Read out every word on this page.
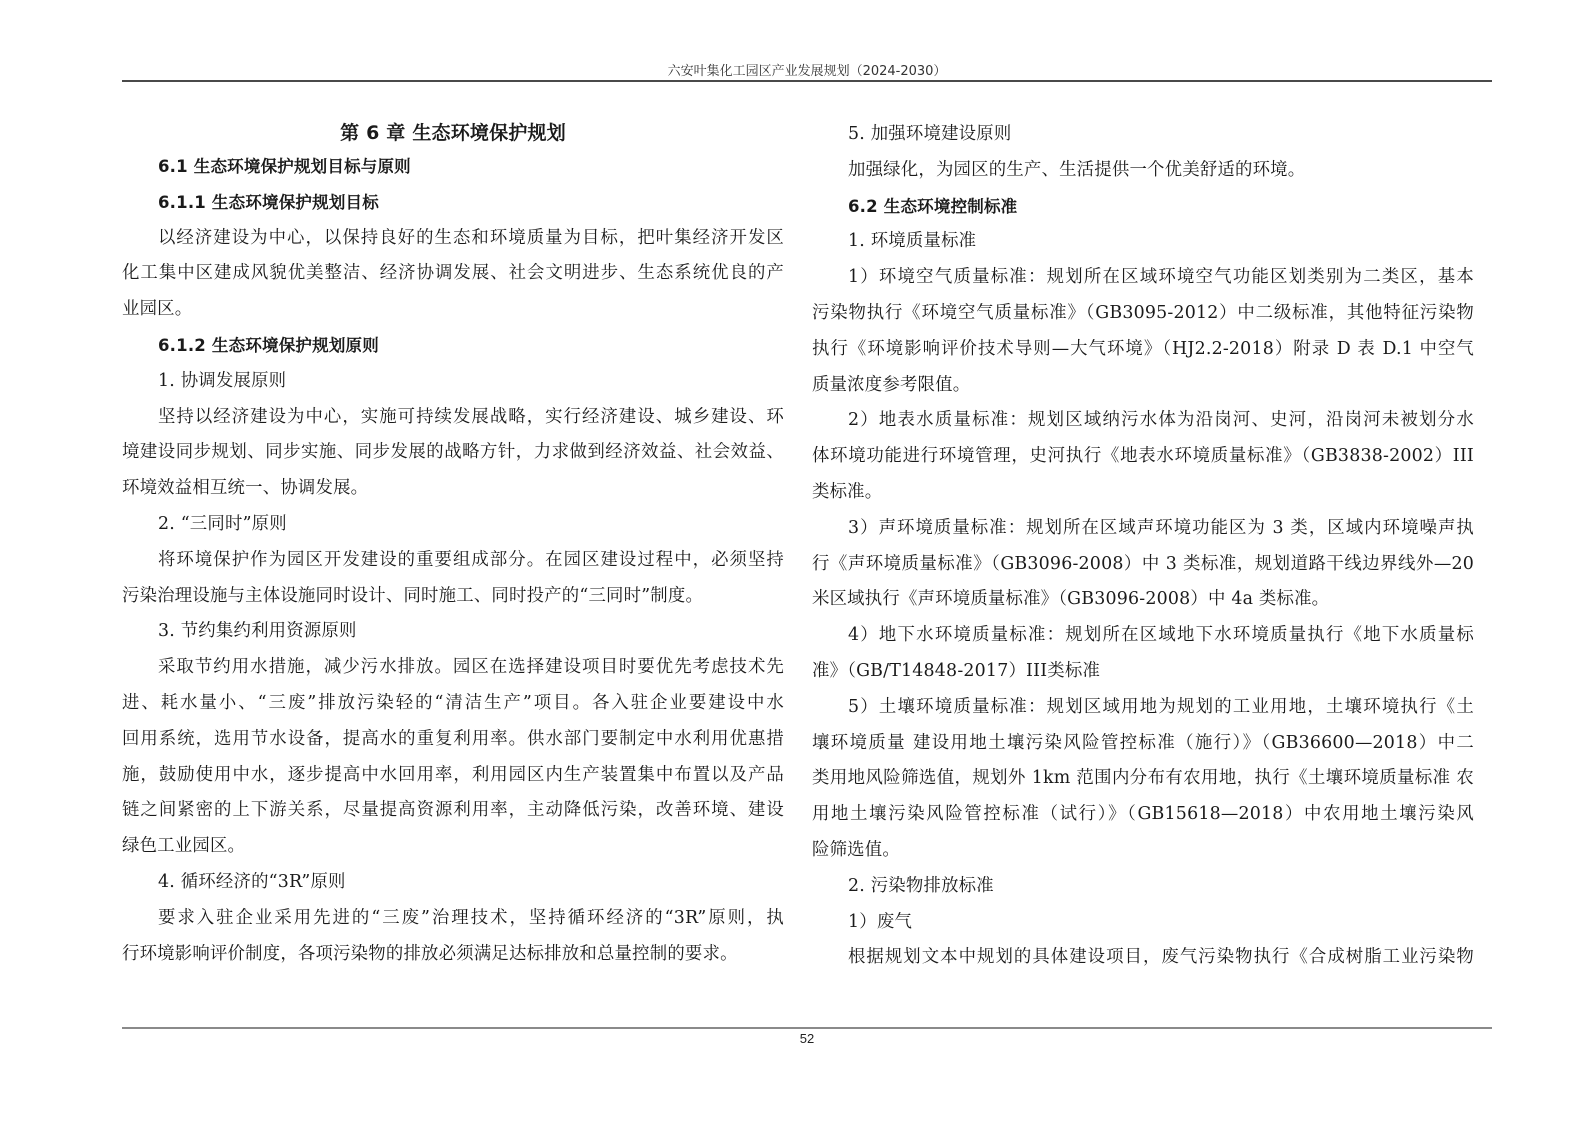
六安叶集化工园区产业发展规划（2024-2030）
第 6 章 生态环境保护规划
6.1 生态环境保护规划目标与原则
6.1.1 生态环境保护规划目标
以经济建设为中心，以保持良好的生态和环境质量为目标，把叶集经济开发区
化工集中区建成风貌优美整洁、经济协调发展、社会文明进步、生态系统优良的产
业园区。
6.1.2 生态环境保护规划原则
1. 协调发展原则
坚持以经济建设为中心，实施可持续发展战略，实行经济建设、城乡建设、环
境建设同步规划、同步实施、同步发展的战略方针，力求做到经济效益、社会效益、
环境效益相互统一、协调发展。
2. “三同时”原则
将环境保护作为园区开发建设的重要组成部分。在园区建设过程中，必须坚持
污染治理设施与主体设施同时设计、同时施工、同时投产的“三同时”制度。
3. 节约集约利用资源原则
采取节约用水措施，减少污水排放。园区在选择建设项目时要优先考虑技术先
进、耗水量小、“三废”排放污染轻的“清洁生产”项目。各入驻企业要建设中水
回用系统，选用节水设备，提高水的重复利用率。供水部门要制定中水利用优惠措
施，鼓励使用中水，逐步提高中水回用率，利用园区内生产装置集中布置以及产品
链之间紧密的上下游关系，尽量提高资源利用率，主动降低污染，改善环境、建设
绿色工业园区。
4. 循环经济的“3R”原则
要求入驻企业采用先进的“三废”治理技术，坚持循环经济的“3R”原则，执
行环境影响评价制度，各项污染物的排放必须满足达标排放和总量控制的要求。
5. 加强环境建设原则
加强绿化，为园区的生产、生活提供一个优美舒适的环境。
6.2 生态环境控制标准
1. 环境质量标准
1）环境空气质量标准：规划所在区域环境空气功能区划类别为二类区，基本
污染物执行《环境空气质量标准》（GB3095-2012）中二级标准，其他特征污染物
执行《环境影响评价技术导则—大气环境》（HJ2.2-2018）附录 D 表 D.1 中空气
质量浓度参考限值。
2）地表水质量标准：规划区域纳污水体为沿岗河、史河，沿岗河未被划分水
体环境功能进行环境管理，史河执行《地表水环境质量标准》（GB3838-2002）III
类标准。
3）声环境质量标准：规划所在区域声环境功能区为 3 类，区域内环境噪声执
行《声环境质量标准》（GB3096-2008）中 3 类标准，规划道路干线边界线外—20
米区域执行《声环境质量标准》（GB3096-2008）中 4a 类标准。
4）地下水环境质量标准：规划所在区域地下水环境质量执行《地下水质量标
准》（GB/T14848-2017）III类标准
5）土壤环境质量标准：规划区域用地为规划的工业用地，土壤环境执行《土
壤环境质量 建设用地土壤污染风险管控标准（施行）》（GB36600—2018）中二
类用地风险筛选值，规划外 1km 范围内分布有农用地，执行《土壤环境质量标准 农
用地土壤污染风险管控标准（试行）》（GB15618—2018）中农用地土壤污染风
险筛选值。
2. 污染物排放标准
1）废气
根据规划文本中规划的具体建设项目，废气污染物执行《合成树脂工业污染物
52
